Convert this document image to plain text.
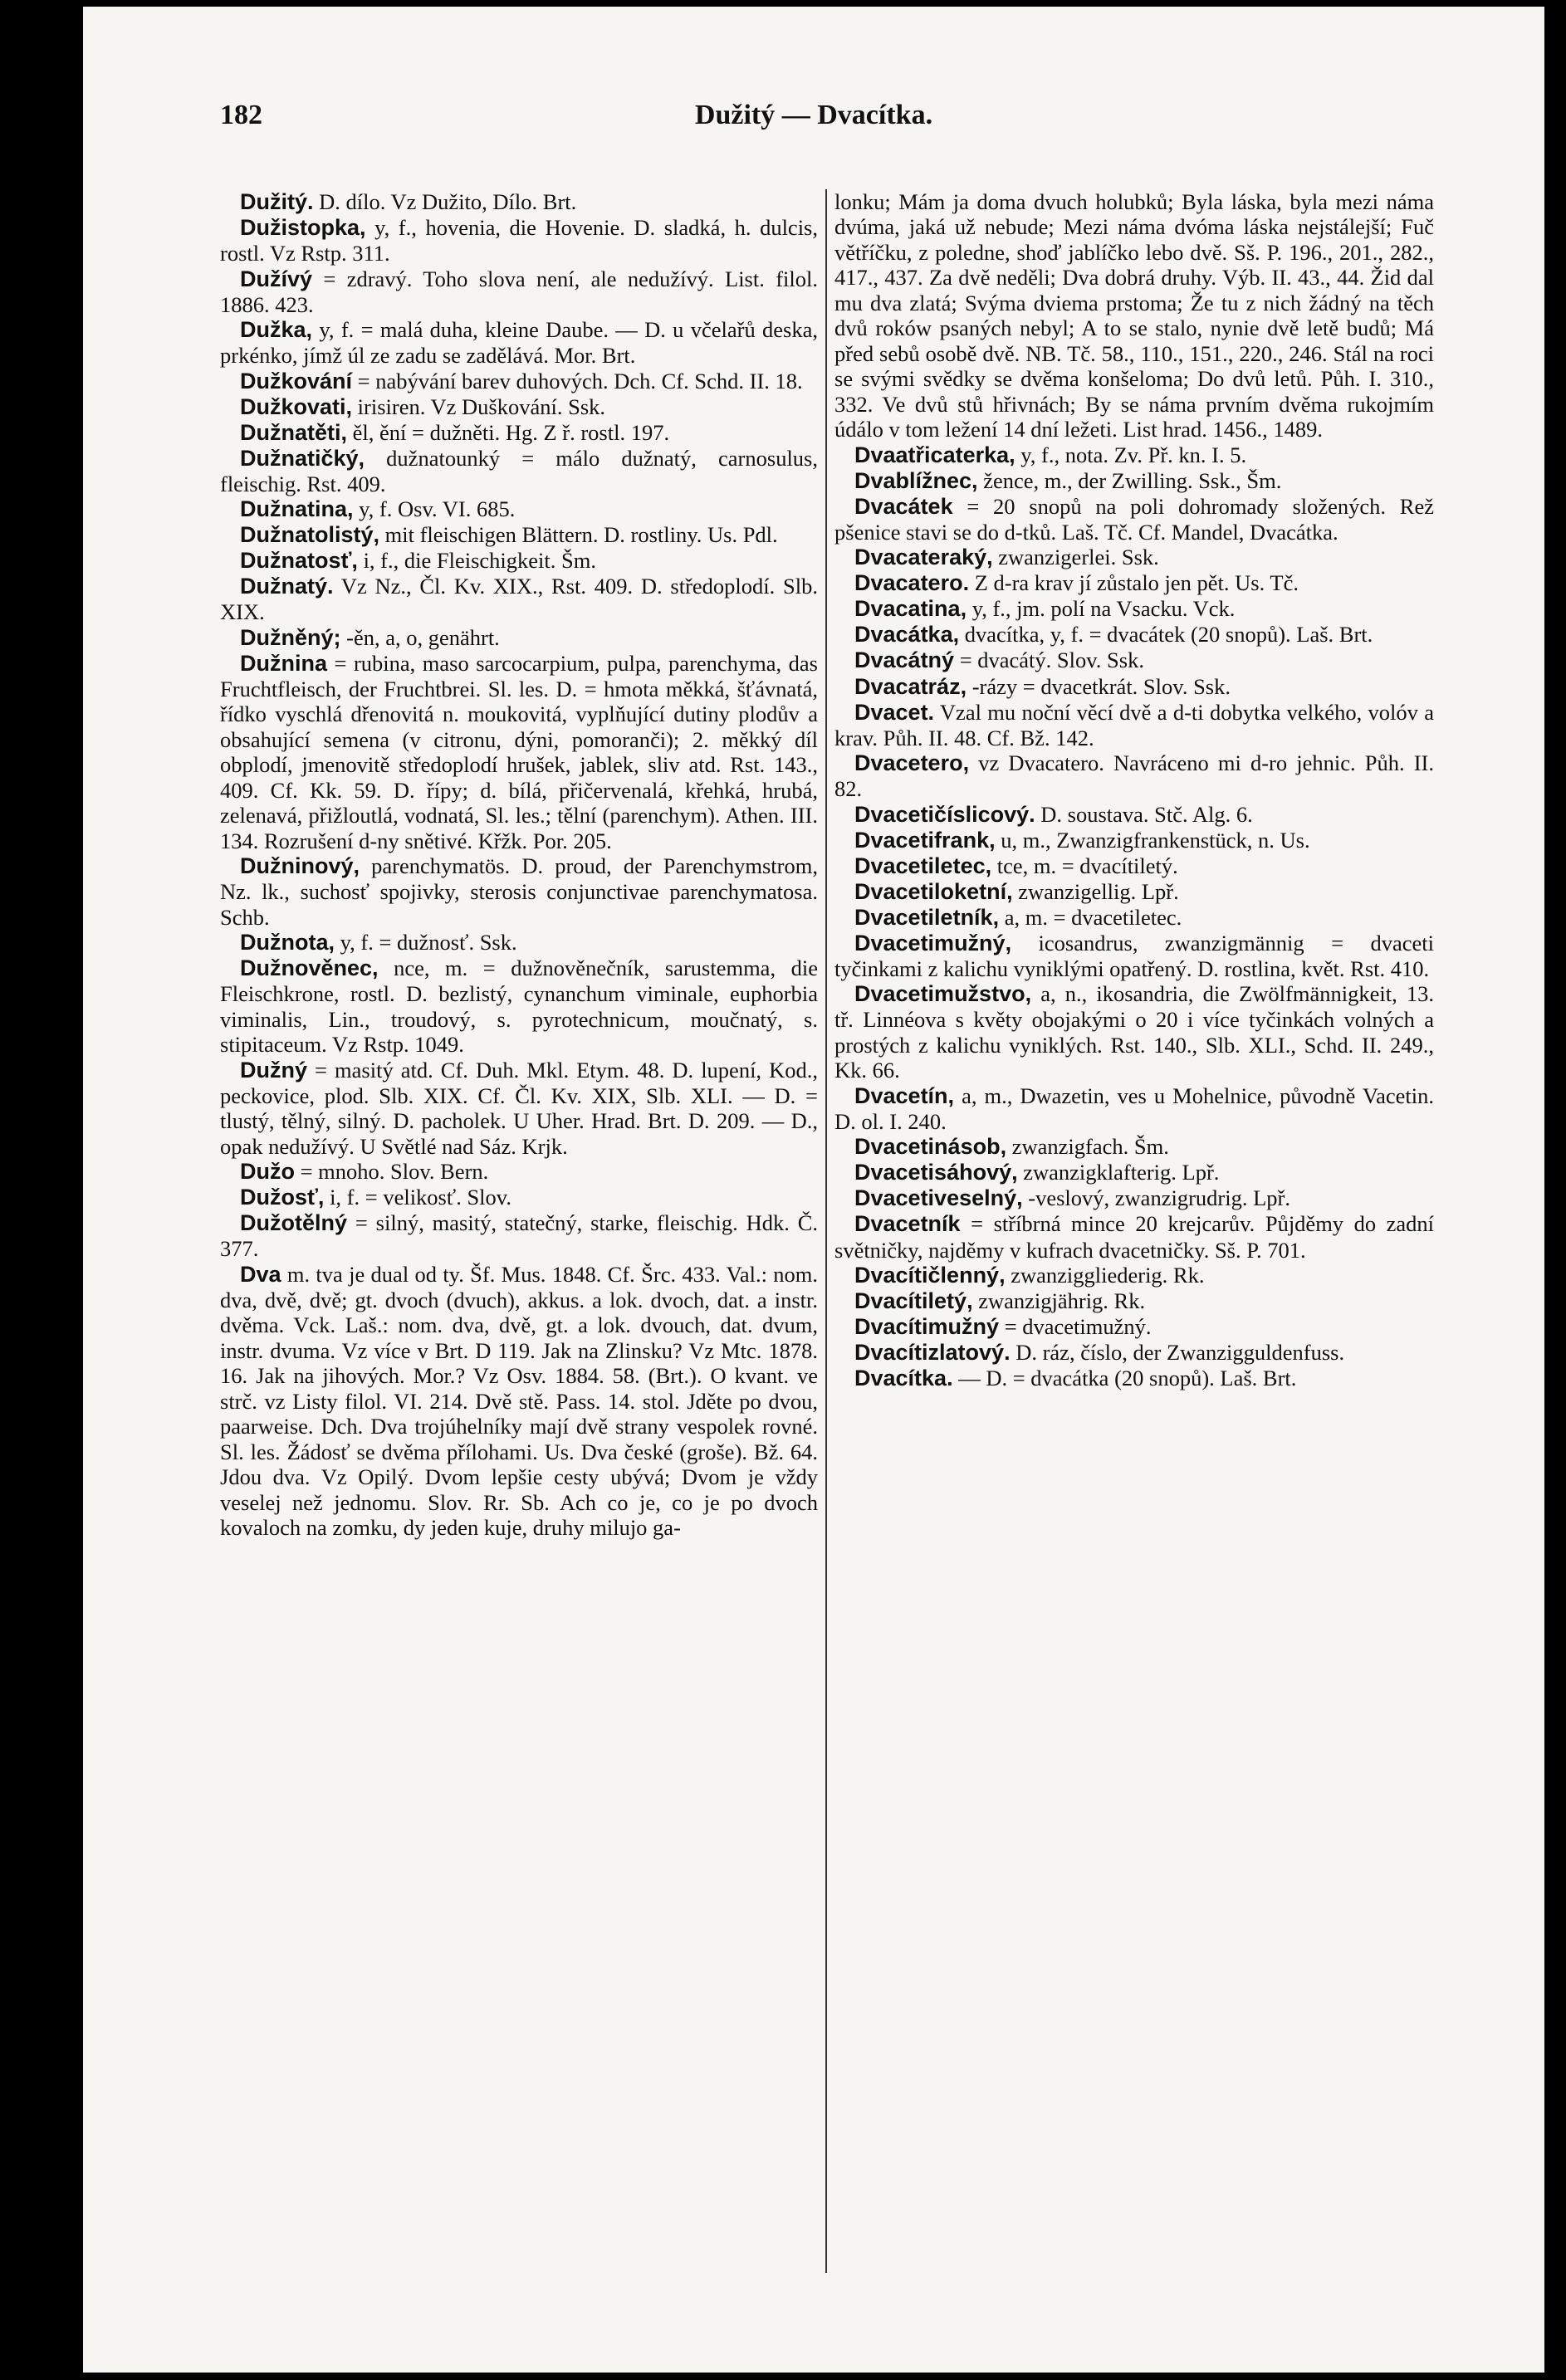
182	Dužitý — Dvacítka.

Dužitý. D. dílo. Vz Dužito, Dílo. Brt.

Dužistopka, y, f., hovenia, die Hovenie. D. sladká, h. dulcis, rostl. Vz Rstp. 311.

Dužívý = zdravý. Toho slova není, ale nedužívý. List. filol. 1886. 423.

Dužka, y, f. = malá duha, kleine Daube. — D. u včelařů deska, prkénko, jímž úl ze zadu se zadělává. Mor. Brt.

Dužkování = nabývání barev duhových. Dch. Cf. Schd. II. 18.

Dužkovati, irisiren. Vz Duškování. Ssk.

Dužnatěti, ěl, ění = dužněti. Hg. Z ř. rostl. 197.

Dužnatičký, dužnatounký = málo dužnatý, carnosulus, fleischig. Rst. 409.

Dužnatina, y, f. Osv. VI. 685.

Dužnatolistý, mit fleischigen Blättern. D. rostliny. Us. Pdl.

Dužnatosť, i, f., die Fleischigkeit. Šm.

Dužnatý. Vz Nz., Čl. Kv. XIX., Rst. 409. D. středoplodí. Slb. XIX.

Dužněný; -ěn, a, o, genährt.

Dužnina = rubina, maso sarcocarpium, pulpa, parenchyma, das Fruchtfleisch, der Fruchtbrei. Sl. les. D. = hmota měkká, šťávnatá, řídko vyschlá dřenovitá n. moukovitá, vyplňující dutiny plodův a obsahující semena (v citronu, dýni, pomoranči); 2. měkký díl obplodí, jmenovitě středoplodí hrušek, jablek, sliv atd. Rst. 143., 409. Cf. Kk. 59. D. řípy; d. bílá, přičervenalá, křehká, hrubá, zelenavá, přižloutlá, vodnatá, Sl. les.; tělní (parenchym). Athen. III. 134. Rozrušení d-ny snětivé. Křžk. Por. 205.

Dužninový, parenchymatös. D. proud, der Parenchymstrom, Nz. lk., suchosť spojivky, sterosis conjunctivae parenchymatosa. Schb.

Dužnota, y, f. = dužnosť. Ssk.

Dužnověnec, nce, m. = dužnověnečník, sarustemma, die Fleischkrone, rostl. D. bezlistý, cynanchum viminale, euphorbia viminalis, Lin., troudový, s. pyrotechnicum, moučnatý, s. stipitaceum. Vz Rstp. 1049.

Dužný = masitý atd. Cf. Duh. Mkl. Etym. 48. D. lupení, Kod., peckovice, plod. Slb. XIX. Cf. Čl. Kv. XIX, Slb. XLI. — D. = tlustý, tělný, silný. D. pacholek. U Uher. Hrad. Brt. D. 209. — D., opak nedužívý. U Světlé nad Sáz. Krjk.

Dužo = mnoho. Slov. Bern.

Dužosť, i, f. = velikosť. Slov.

Dužotělný = silný, masitý, statečný, starke, fleischig. Hdk. Č. 377.

Dva m. tva je dual od ty. Šf. Mus. 1848. Cf. Šrc. 433. Val.: nom. dva, dvě, dvě; gt. dvoch (dvuch), akkus. a lok. dvoch, dat. a instr. dvěma. Vck. Laš.: nom. dva, dvě, gt. a lok. dvouch, dat. dvum, instr. dvuma. Vz více v Brt. D 119. Jak na Zlinsku? Vz Mtc. 1878. 16. Jak na jihových. Mor.? Vz Osv. 1884. 58. (Brt.). O kvant. ve strč. vz Listy filol. VI. 214. Dvě stě. Pass. 14. stol. Jděte po dvou, paarweise. Dch. Dva trojúhelníky mají dvě strany vespolek rovné. Sl. les. Žádosť se dvěma přílohami. Us. Dva české (groše). Bž. 64. Jdou dva. Vz Opilý. Dvom lepšie cesty ubývá; Dvom je vždy veselej než jednomu. Slov. Rr. Sb. Ach co je, co je po dvoch kovaloch na zomku, dy jeden kuje, druhy milujo ga-

lonku; Mám ja doma dvuch holubků; Byla láska, byla mezi náma dvúma, jaká už nebude; Mezi náma dvóma láska nejstálejší; Fuč větříčku, z poledne, shoď jablíčko lebo dvě. Sš. P. 196., 201., 282., 417., 437. Za dvě neděli; Dva dobrá druhy. Výb. II. 43., 44. Žid dal mu dva zlatá; Svýma dviema prstoma; Že tu z nich žádný na těch dvů roków psaných nebyl; A to se stalo, nynie dvě letě budů; Má před sebů osobě dvě. NB. Tč. 58., 110., 151., 220., 246. Stál na roci se svými svědky se dvěma konšeloma; Do dvů letů. Půh. I. 310., 332. Ve dvů stů hřivnách; By se náma prvním dvěma rukojmím údálo v tom ležení 14 dní ležeti. List hrad. 1456., 1489.

Dvaatřicaterka, y, f., nota. Zv. Př. kn. I. 5.

Dvablížnec, žence, m., der Zwilling. Ssk., Šm.

Dvacátek = 20 snopů na poli dohromady složených. Rež pšenice stavi se do d-tků. Laš. Tč. Cf. Mandel, Dvacátka.

Dvacateraký, zwanzigerlei. Ssk.

Dvacatero. Z d-ra krav jí zůstalo jen pět. Us. Tč.

Dvacatina, y, f., jm. polí na Vsacku. Vck.

Dvacátka, dvacítka, y, f. = dvacátek (20 snopů). Laš. Brt.

Dvacátný = dvacátý. Slov. Ssk.

Dvacatráz, -rázy = dvacetkrát. Slov. Ssk.

Dvacet. Vzal mu noční věcí dvě a d-ti dobytka velkého, volóv a krav. Půh. II. 48. Cf. Bž. 142.

Dvacetero, vz Dvacatero. Navráceno mi d-ro jehnic. Půh. II. 82.

Dvacetičíslicový. D. soustava. Stč. Alg. 6.

Dvacetifrank, u, m., Zwanzigfrankenstück, n. Us.

Dvacetiletec, tce, m. = dvacítiletý.

Dvacetiloketní, zwanzigellig. Lpř.

Dvacetiletník, a, m. = dvacetiletec.

Dvacetimužný, icosandrus, zwanzigmännig = dvaceti tyčinkami z kalichu vyniklými opatřený. D. rostlina, květ. Rst. 410.

Dvacetimužstvo, a, n., ikosandria, die Zwölfmännigkeit, 13. tř. Linnéova s květy obojakými o 20 i více tyčinkách volných a prostých z kalichu vyniklých. Rst. 140., Slb. XLI., Schd. II. 249., Kk. 66.

Dvacetín, a, m., Dwazetin, ves u Mohelnice, původně Vacetin. D. ol. I. 240.

Dvacetinásob, zwanzigfach. Šm.

Dvacetisáhový, zwanzigklafterig. Lpř.

Dvacetiveselný, -veslový, zwanzigrudrig. Lpř.

Dvacetník = stříbrná mince 20 krejcarův. Půjděmy do zadní světničky, najděmy v kufrach dvacetničky. Sš. P. 701.

Dvacítičlenný, zwanziggliederig. Rk.

Dvacítiletý, zwanzigjährig. Rk.

Dvacítimužný = dvacetimužný.

Dvacítizlatový. D. ráz, číslo, der Zwanzigguldenfuss.

Dvacítka. — D. = dvacátka (20 snopů). Laš. Brt.
